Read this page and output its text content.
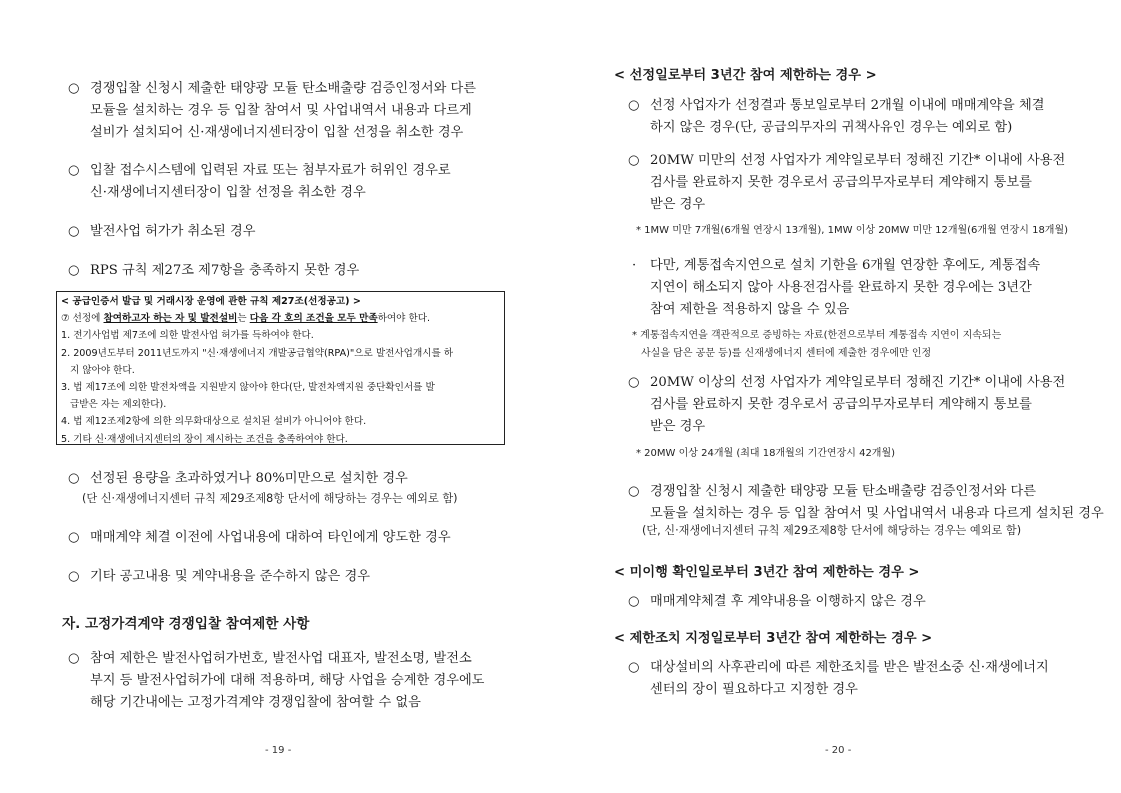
○ 경쟁입찰 신청시 제출한 태양광 모듈 탄소배출량 검증인정서와 다른
모듈을 설치하는 경우 등 입찰 참여서 및 사업내역서 내용과 다르게
설비가 설치되어 신·재생에너지센터장이 입찰 선정을 취소한 경우
○ 입찰 접수시스템에 입력된 자료 또는 첨부자료가 허위인 경우로
신·재생에너지센터장이 입찰 선정을 취소한 경우
○ 발전사업 허가가 취소된 경우
○ RPS 규칙 제27조 제7항을 충족하지 못한 경우
< 공급인증서 발급 및 거래시장 운영에 관한 규칙 제27조(선정공고) >
⑦ 선정에 참여하고자 하는 자 및 발전설비는 다음 각 호의 조건을 모두 만족하여야 한다.
1. 전기사업법 제7조에 의한 발전사업 허가를 득하여야 한다.
2. 2009년도부터 2011년도까지 "신·재생에너지 개발공급협약(RPA)"으로 발전사업개시를 하
지 않아야 한다.
3. 법 제17조에 의한 발전차액을 지원받지 않아야 한다(단, 발전차액지원 중단확인서를 발
급받은 자는 제외한다).
4. 법 제12조제2항에 의한 의무화대상으로 설치된 설비가 아니어야 한다.
5. 기타 신·재생에너지센터의 장이 제시하는 조건을 충족하여야 한다.
○ 선정된 용량을 초과하였거나 80%미만으로 설치한 경우
(단 신·재생에너지센터 규칙 제29조제8항 단서에 해당하는 경우는 예외로 함)
○ 매매계약 체결 이전에 사업내용에 대하여 타인에게 양도한 경우
○ 기타 공고내용 및 계약내용을 준수하지 않은 경우
자. 고정가격계약 경쟁입찰 참여제한 사항
○ 참여 제한은 발전사업허가번호, 발전사업 대표자, 발전소명, 발전소
부지 등 발전사업허가에 대해 적용하며, 해당 사업을 승계한 경우에도
해당 기간내에는 고정가격계약 경쟁입찰에 참여할 수 없음
- 19 -
< 선정일로부터 3년간 참여 제한하는 경우 >
○ 선정 사업자가 선정결과 통보일로부터 2개월 이내에 매매계약을 체결
하지 않은 경우(단, 공급의무자의 귀책사유인 경우는 예외로 함)
○ 20MW 미만의 선정 사업자가 계약일로부터 정해진 기간* 이내에 사용전
검사를 완료하지 못한 경우로서 공급의무자로부터 계약해지 통보를
받은 경우
* 1MW 미만 7개월(6개월 연장시 13개월), 1MW 이상 20MW 미만 12개월(6개월 연장시 18개월)
· 다만, 계통접속지연으로 설치 기한을 6개월 연장한 후에도, 계통접속
지연이 해소되지 않아 사용전검사를 완료하지 못한 경우에는 3년간
참여 제한을 적용하지 않을 수 있음
* 계통접속지연을 객관적으로 증빙하는 자료(한전으로부터 계통접속 지연이 지속되는
사실을 담은 공문 등)를 신재생에너지 센터에 제출한 경우에만 인정
○ 20MW 이상의 선정 사업자가 계약일로부터 정해진 기간* 이내에 사용전
검사를 완료하지 못한 경우로서 공급의무자로부터 계약해지 통보를
받은 경우
* 20MW 이상 24개월 (최대 18개월의 기간연장시 42개월)
○ 경쟁입찰 신청시 제출한 태양광 모듈 탄소배출량 검증인정서와 다른
모듈을 설치하는 경우 등 입찰 참여서 및 사업내역서 내용과 다르게 설치된 경우
(단, 신·재생에너지센터 규칙 제29조제8항 단서에 해당하는 경우는 예외로 함)
< 미이행 확인일로부터 3년간 참여 제한하는 경우 >
○ 매매계약체결 후 계약내용을 이행하지 않은 경우
< 제한조치 지정일로부터 3년간 참여 제한하는 경우 >
○ 대상설비의 사후관리에 따른 제한조치를 받은 발전소중 신·재생에너지
센터의 장이 필요하다고 지정한 경우
- 20 -
